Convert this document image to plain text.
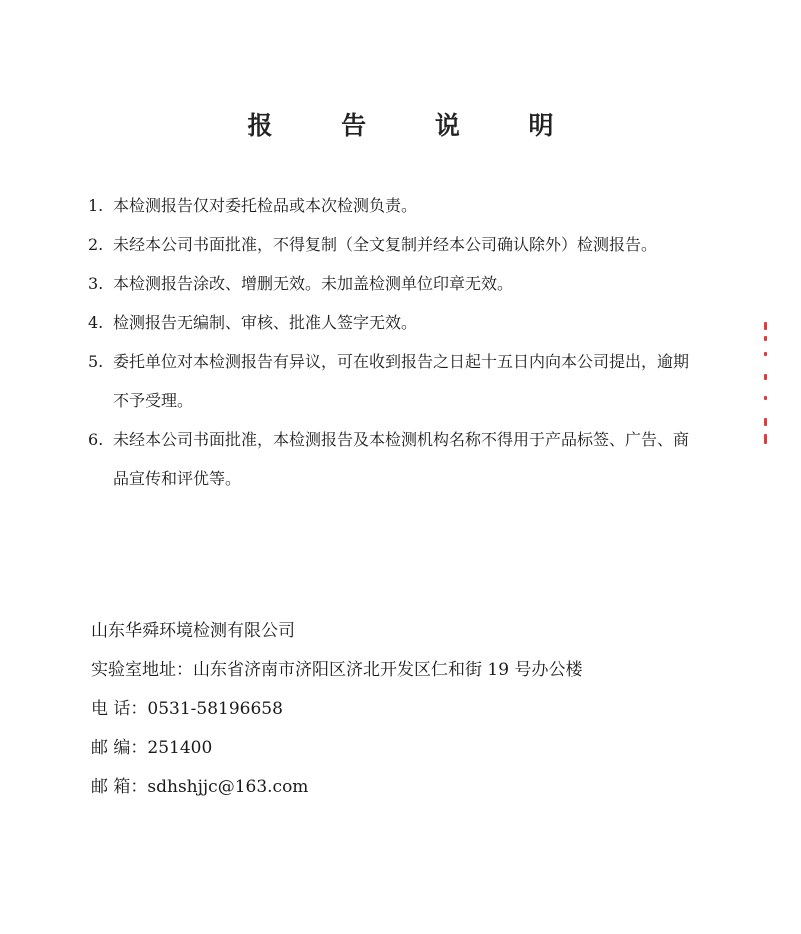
报 告 说 明
1. 本检测报告仅对委托检品或本次检测负责。
2. 未经本公司书面批准，不得复制（全文复制并经本公司确认除外）检测报告。
3. 本检测报告涂改、增删无效。未加盖检测单位印章无效。
4. 检测报告无编制、审核、批准人签字无效。
5. 委托单位对本检测报告有异议，可在收到报告之日起十五日内向本公司提出，逾期不予受理。
6. 未经本公司书面批准，本检测报告及本检测机构名称不得用于产品标签、广告、商品宣传和评优等。
山东华舜环境检测有限公司
实验室地址：山东省济南市济阳区济北开发区仁和街 19 号办公楼
电 话：0531-58196658
邮 编：251400
邮 箱：sdhshjjc@163.com
